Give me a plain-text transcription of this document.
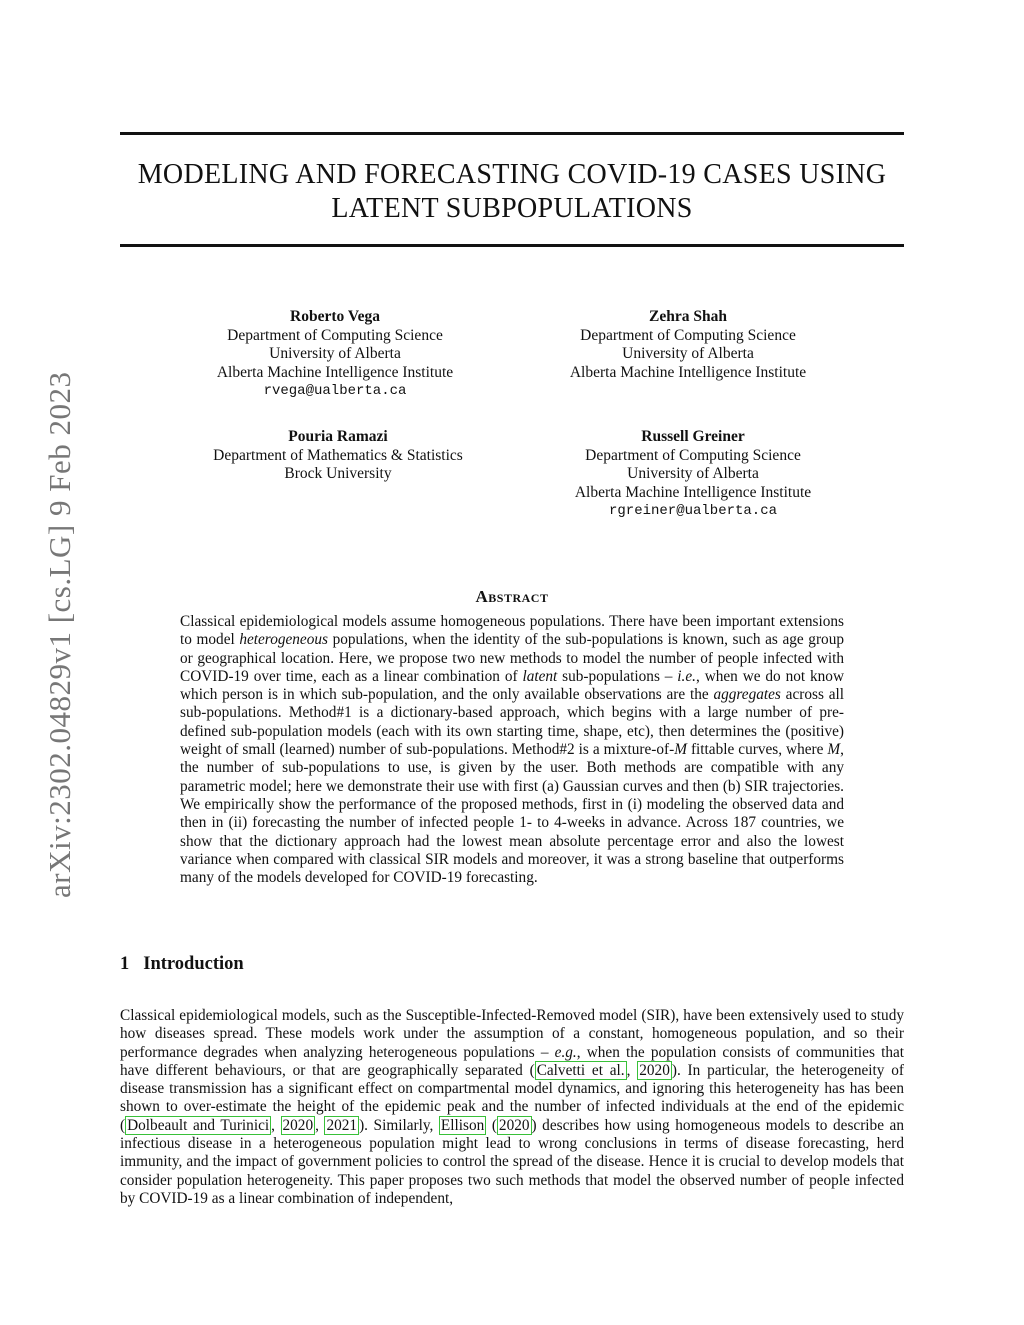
MODELING AND FORECASTING COVID-19 CASES USING
LATENT SUBPOPULATIONS
arXiv:2302.04829v1 [cs.LG] 9 Feb 2023
Roberto Vega
Department of Computing Science
University of Alberta
Alberta Machine Intelligence Institute
rvega@ualberta.ca
Zehra Shah
Department of Computing Science
University of Alberta
Alberta Machine Intelligence Institute
Pouria Ramazi
Department of Mathematics & Statistics
Brock University
Russell Greiner
Department of Computing Science
University of Alberta
Alberta Machine Intelligence Institute
rgreiner@ualberta.ca
Abstract
Classical epidemiological models assume homogeneous populations. There have been important extensions to model heterogeneous populations, when the identity of the sub-populations is known, such as age group or geographical location. Here, we propose two new methods to model the number of people infected with COVID-19 over time, each as a linear combination of latent sub-populations – i.e., when we do not know which person is in which sub-population, and the only available observations are the aggregates across all sub-populations. Method#1 is a dictionary-based approach, which begins with a large number of pre-defined sub-population models (each with its own starting time, shape, etc), then determines the (positive) weight of small (learned) number of sub-populations. Method#2 is a mixture-of-M fittable curves, where M, the number of sub-populations to use, is given by the user. Both methods are compatible with any parametric model; here we demonstrate their use with first (a) Gaussian curves and then (b) SIR trajectories. We empirically show the performance of the proposed methods, first in (i) modeling the observed data and then in (ii) forecasting the number of infected people 1- to 4-weeks in advance. Across 187 countries, we show that the dictionary approach had the lowest mean absolute percentage error and also the lowest variance when compared with classical SIR models and moreover, it was a strong baseline that outperforms many of the models developed for COVID-19 forecasting.
1 Introduction
Classical epidemiological models, such as the Susceptible-Infected-Removed model (SIR), have been extensively used to study how diseases spread. These models work under the assumption of a constant, homogeneous population, and so their performance degrades when analyzing heterogeneous populations – e.g., when the population consists of communities that have different behaviours, or that are geographically separated ( Calvetti et al. , 2020 ). In particular, the heterogeneity of disease transmission has a significant effect on compartmental model dynamics, and ignoring this heterogeneity has has been shown to over-estimate the height of the epidemic peak and the number of infected individuals at the end of the epidemic ( Dolbeault and Turinici , 2020 , 2021 ). Similarly, Ellison ( 2020 ) describes how using homogeneous models to describe an infectious disease in a heterogeneous population might lead to wrong conclusions in terms of disease forecasting, herd immunity, and the impact of government policies to control the spread of the disease. Hence it is crucial to develop models that consider population heterogeneity. This paper proposes two such methods that model the observed number of people infected by COVID-19 as a linear combination of independent,
